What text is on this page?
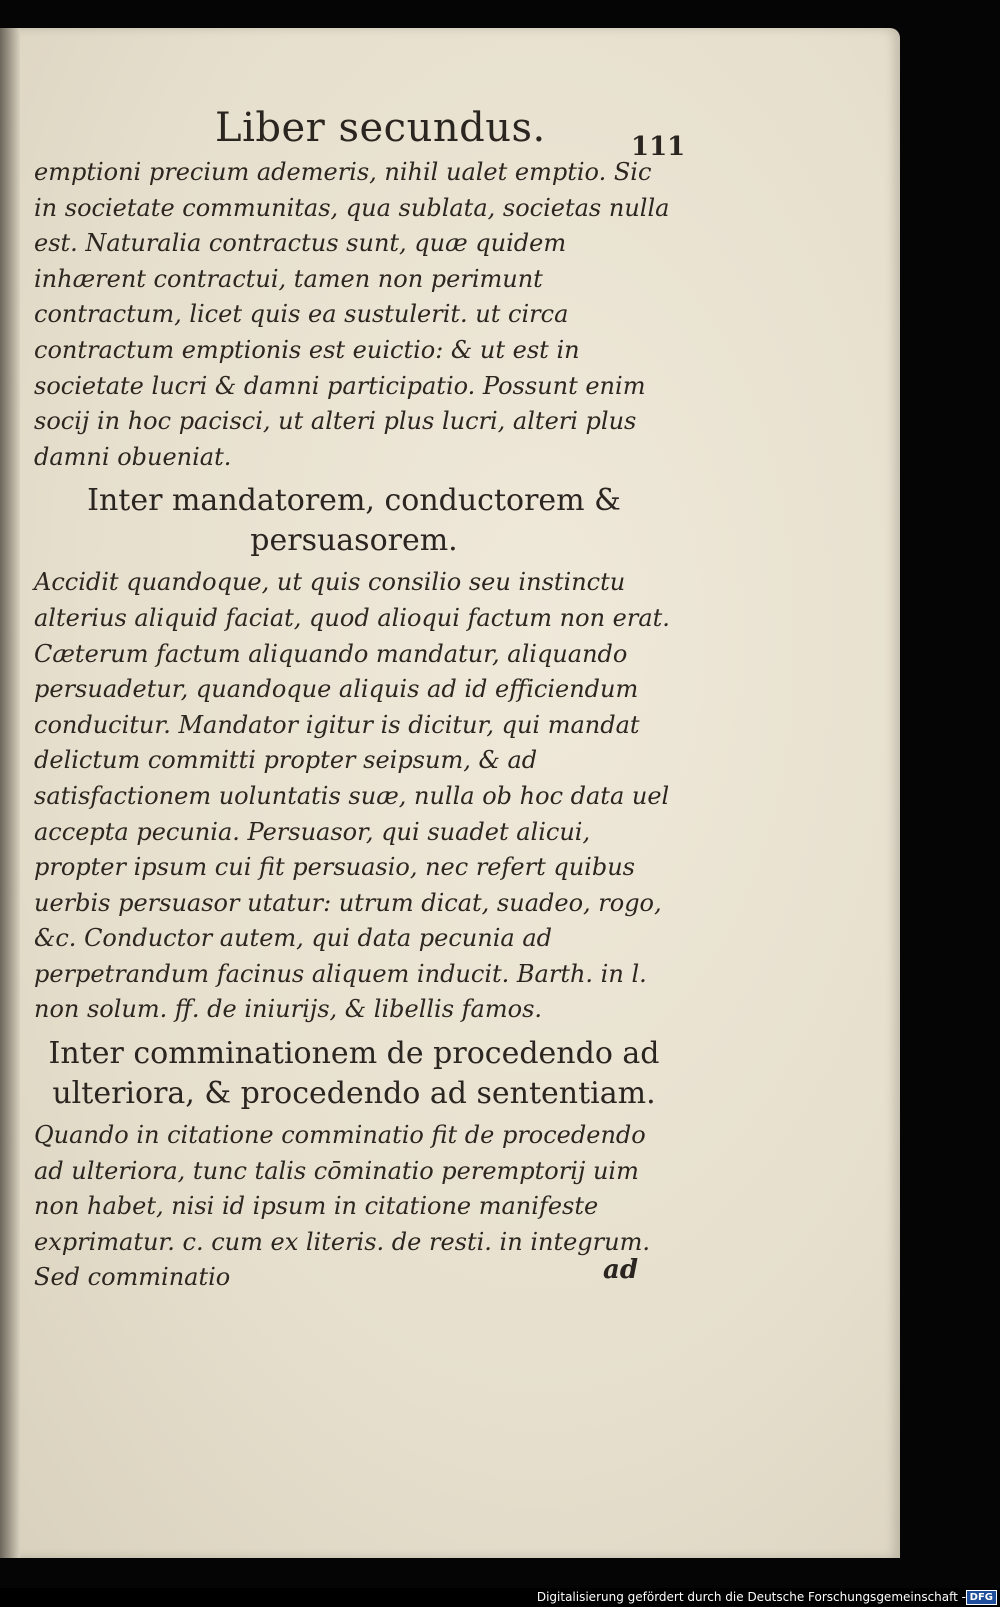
Liber secundus.	111

emptioni precium ademeris, nihil ualet emptio. Sic in societate communitas, qua sublata, societas nulla est. Naturalia contractus sunt, quæ quidem inhærent contractui, tamen non perimunt contractum, licet quis ea sustulerit. ut circa contractum emptionis est euictio: & ut est in societate lucri & damni participatio. Possunt enim socij in hoc pacisci, ut alteri plus lucri, alteri plus damni obueniat.

Inter mandatorem, conductorem & persuasorem.

Accidit quandoque, ut quis consilio seu instinctu alterius aliquid faciat, quod alioqui factum non erat. Cæterum factum aliquando mandatur, aliquando persuadetur, quandoque aliquis ad id efficiendum conducitur. Mandator igitur is dicitur, qui mandat delictum committi propter seipsum, & ad satisfactionem uoluntatis suæ, nulla ob hoc data uel accepta pecunia. Persuasor, qui suadet alicui, propter ipsum cui fit persuasio, nec refert quibus uerbis persuasor utatur: utrum dicat, suadeo, rogo, &c. Conductor autem, qui data pecunia ad perpetrandum facinus aliquem inducit. Barth. in l. non solum. ff. de iniurijs, & libellis famos.

Inter comminationem de procedendo ad ulteriora, & procedendo ad sententiam.

Quando in citatione comminatio fit de procedendo ad ulteriora, tunc talis cōminatio peremptorij uim non habet, nisi id ipsum in citatione manifeste exprimatur. c. cum ex literis. de resti. in integrum. Sed comminatio	ad
Digitalisierung gefördert durch die Deutsche Forschungsgemeinschaft - DFG
